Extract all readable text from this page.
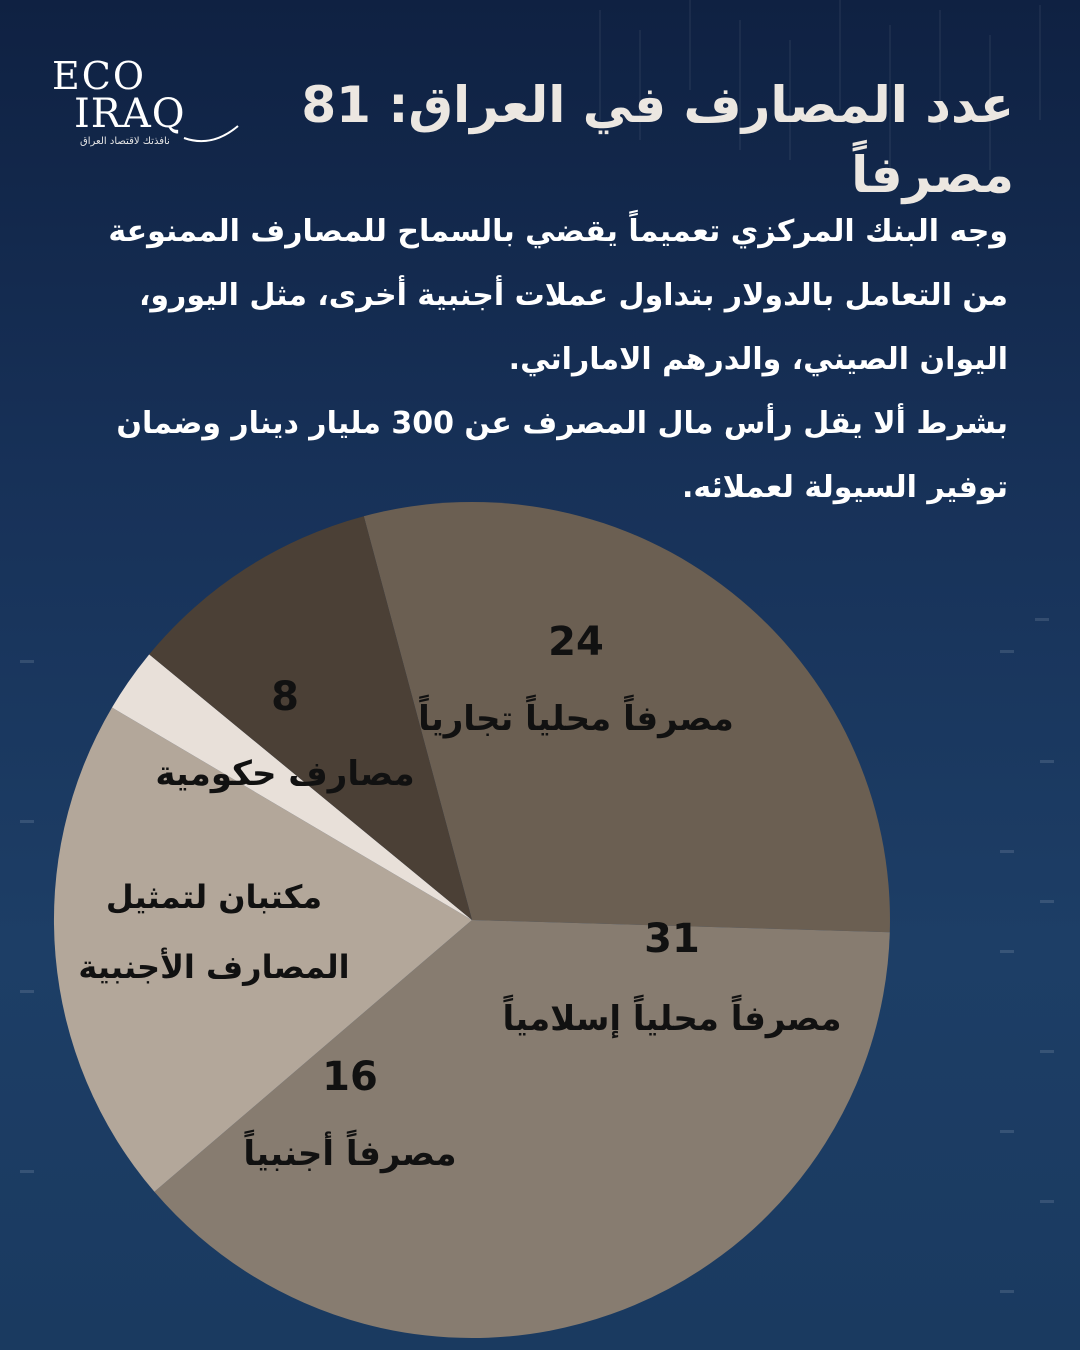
ECO
IRAQ
نافذتك لاقتصاد العراق
عدد المصارف في العراق: 81 مصرفاً

وجه البنك المركزي تعميماً يقضي بالسماح للمصارف الممنوعة من التعامل بالدولار بتداول عملات أجنبية أخرى، مثل اليورو، اليوان الصيني، والدرهم الاماراتي.

بشرط ألا يقل رأس مال المصرف عن 300 مليار دينار وضمان توفير السيولة لعملائه.

24
مصرفاً محلياً تجارياً
31
مصرفاً محلياً إسلامياً
16
مصرفاً أجنبياً
مكتبان لتمثيل
المصارف الأجنبية
8
مصارف حكومية
